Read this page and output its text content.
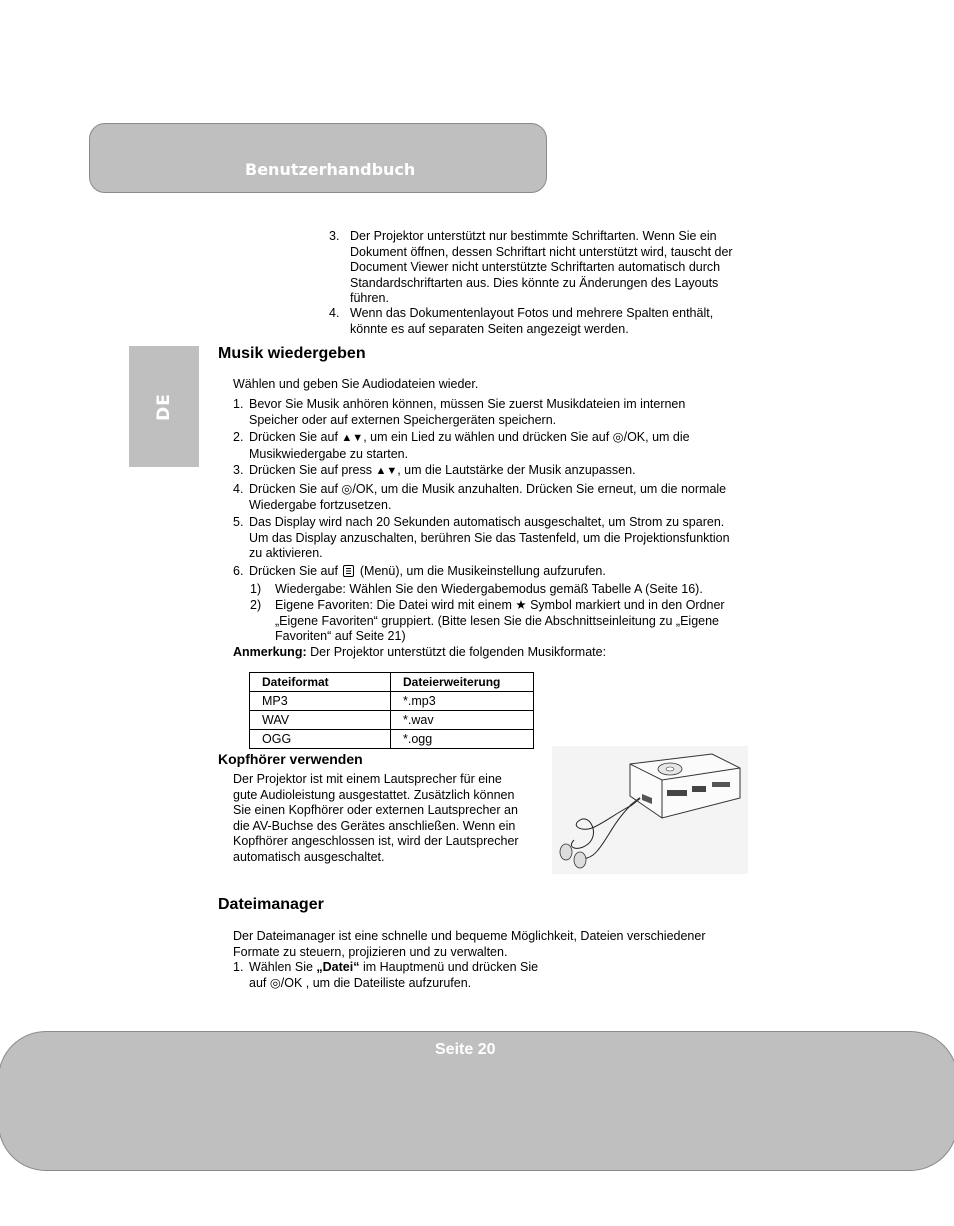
Benutzerhandbuch
DE
3. Der Projektor unterstützt nur bestimmte Schriftarten. Wenn Sie ein Dokument öffnen, dessen Schriftart nicht unterstützt wird, tauscht der Document Viewer nicht unterstützte Schriftarten automatisch durch Standardschriftarten aus. Dies könnte zu Änderungen des Layouts führen.
4. Wenn das Dokumentenlayout Fotos und mehrere Spalten enthält, könnte es auf separaten Seiten angezeigt werden.
Musik wiedergeben
Wählen und geben Sie Audiodateien wieder.
1. Bevor Sie Musik anhören können, müssen Sie zuerst Musikdateien im internen Speicher oder auf externen Speichergeräten speichern.
2. Drücken Sie auf ▲▼, um ein Lied zu wählen und drücken Sie auf ◎/OK, um die Musikwiedergabe zu starten.
3. Drücken Sie auf press ▲▼, um die Lautstärke der Musik anzupassen.
4. Drücken Sie auf ◎/OK, um die Musik anzuhalten. Drücken Sie erneut, um die normale Wiedergabe fortzusetzen.
5. Das Display wird nach 20 Sekunden automatisch ausgeschaltet, um Strom zu sparen. Um das Display anzuschalten, berühren Sie das Tastenfeld, um die Projektionsfunktion zu aktivieren.
6. Drücken Sie auf  (Menü), um die Musikeinstellung aufzurufen.
1) Wiedergabe: Wählen Sie den Wiedergabemodus gemäß Tabelle A (Seite 16).
2) Eigene Favoriten: Die Datei wird mit einem ★ Symbol markiert und in den Ordner „Eigene Favoriten“ gruppiert. (Bitte lesen Sie die Abschnittseinleitung zu „Eigene Favoriten“ auf Seite 21)
Anmerkung: Der Projektor unterstützt die folgenden Musikformate:
Dateiformat	Dateierweiterung
MP3	*.mp3
WAV	*.wav
OGG	*.ogg
Kopfhörer verwenden
Der Projektor ist mit einem Lautsprecher für eine gute Audioleistung ausgestattet. Zusätzlich können Sie einen Kopfhörer oder externen Lautsprecher an die AV-Buchse des Gerätes anschließen. Wenn ein Kopfhörer angeschlossen ist, wird der Lautsprecher automatisch ausgeschaltet.
Dateimanager
Der Dateimanager ist eine schnelle und bequeme Möglichkeit, Dateien verschiedener Formate zu steuern, projizieren und zu verwalten.
1. Wählen Sie „Datei“ im Hauptmenü und drücken Sie auf ◎/OK , um die Dateiliste aufzurufen.
Seite 20
